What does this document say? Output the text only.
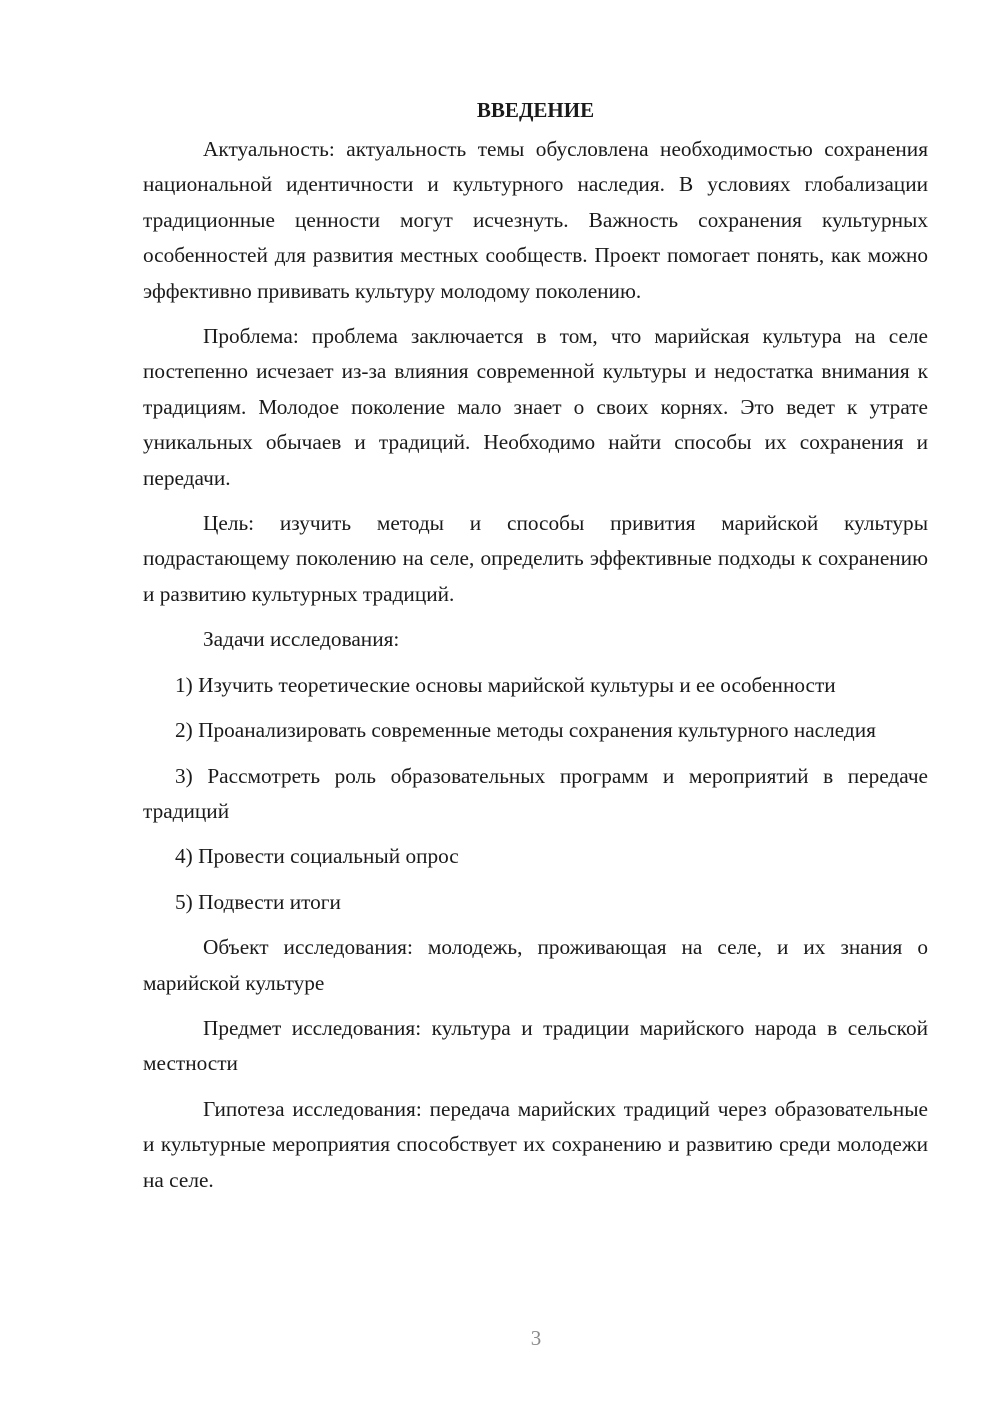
ВВЕДЕНИЕ

Актуальность: актуальность темы обусловлена необходимостью сохранения национальной идентичности и культурного наследия. В условиях глобализации традиционные ценности могут исчезнуть. Важность сохранения культурных особенностей для развития местных сообществ. Проект помогает понять, как можно эффективно прививать культуру молодому поколению.

Проблема: проблема заключается в том, что марийская культура на селе постепенно исчезает из-за влияния современной культуры и недостатка внимания к традициям. Молодое поколение мало знает о своих корнях. Это ведет к утрате уникальных обычаев и традиций. Необходимо найти способы их сохранения и передачи.

Цель: изучить методы и способы привития марийской культуры подрастающему поколению на селе, определить эффективные подходы к сохранению и развитию культурных традиций.

Задачи исследования:

1) Изучить теоретические основы марийской культуры и ее особенности

2) Проанализировать современные методы сохранения культурного наследия

3) Рассмотреть роль образовательных программ и мероприятий в передаче традиций

4) Провести социальный опрос

5) Подвести итоги

Объект исследования: молодежь, проживающая на селе, и их знания о марийской культуре

Предмет исследования: культура и традиции марийского народа в сельской местности

Гипотеза исследования: передача марийских традиций через образовательные и культурные мероприятия способствует их сохранению и развитию среди молодежи на селе.

3
